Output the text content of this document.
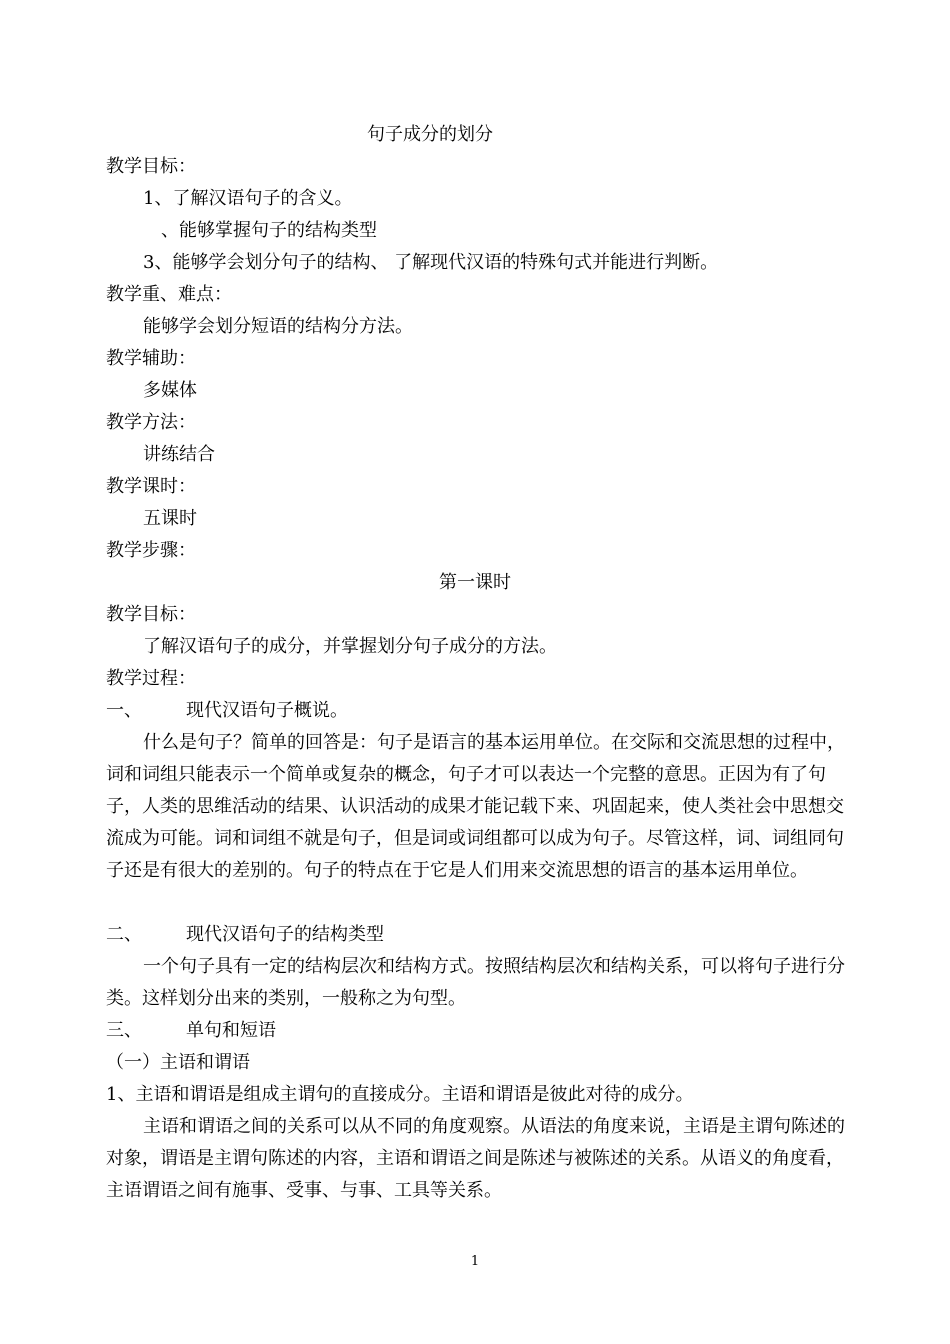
句子成分的划分
教学目标：
1、了解汉语句子的含义。
、能够掌握句子的结构类型
3、能够学会划分句子的结构、 了解现代汉语的特殊句式并能进行判断。
教学重、难点：
能够学会划分短语的结构分方法。
教学辅助：
多媒体
教学方法：
讲练结合
教学课时：
五课时
教学步骤：
第一课时
教学目标：
了解汉语句子的成分，并掌握划分句子成分的方法。
教学过程：
一、 现代汉语句子概说。

什么是句子？简单的回答是：句子是语言的基本运用单位。在交际和交流思想的过程中，词和词组只能表示一个简单或复杂的概念，句子才可以表达一个完整的意思。正因为有了句子，人类的思维活动的结果、认识活动的成果才能记载下来、巩固起来，使人类社会中思想交流成为可能。词和词组不就是句子，但是词或词组都可以成为句子。尽管这样，词、词组同句子还是有很大的差别的。句子的特点在于它是人们用来交流思想的语言的基本运用单位。

二、 现代汉语句子的结构类型

一个句子具有一定的结构层次和结构方式。按照结构层次和结构关系，可以将句子进行分类。这样划分出来的类别，一般称之为句型。

三、 单句和短语
（一）主语和谓语
1、主语和谓语是组成主谓句的直接成分。主语和谓语是彼此对待的成分。

主语和谓语之间的关系可以从不同的角度观察。从语法的角度来说，主语是主谓句陈述的对象，谓语是主谓句陈述的内容，主语和谓语之间是陈述与被陈述的关系。从语义的角度看，主语谓语之间有施事、受事、与事、工具等关系。

1
